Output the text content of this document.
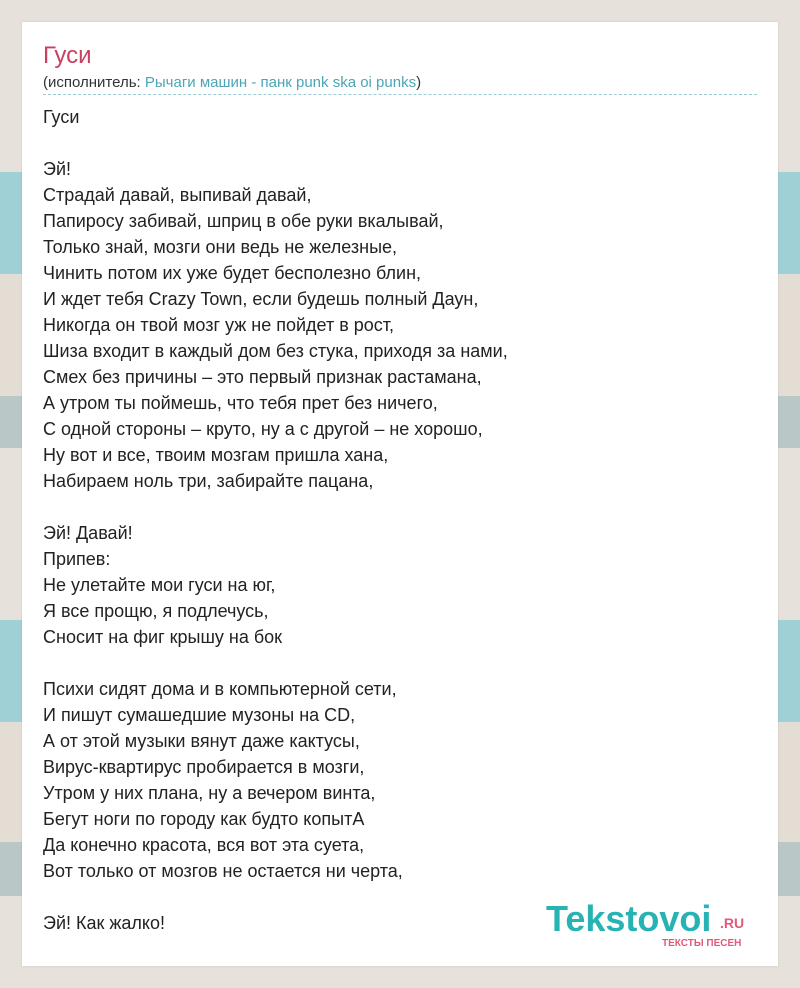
Гуси
(исполнитель: Рычаги машин - панк punk ska oi punks)
Гуси
Эй!
Страдай давай, выпивай давай,
Папиросу забивай, шприц в обе руки вкалывай,
Только знай, мозги они ведь не железные,
Чинить потом их уже будет бесполезно блин,
И ждет тебя Crazy Town, если будешь полный Даун,
Никогда он твой мозг уж не пойдет в рост,
Шиза входит в каждый дом без стука, приходя за нами,
Смех без причины – это первый признак растамана,
А утром ты поймешь, что тебя прет без ничего,
С одной стороны – круто, ну а с другой – не хорошо,
Ну вот и все, твоим мозгам пришла хана,
Набираем ноль три, забирайте пацана,
Эй! Давай!
Припев:
Не улетайте мои гуси на юг,
Я все прощю, я подлечусь,
Сносит на фиг крышу на бок
Психи сидят дома и в компьютерной сети,
И пишут сумашедшие музоны на CD,
А от этой музыки вянут даже кактусы,
Вирус-квартирус пробирается в мозги,
Утром у них плана, ну а вечером винта,
Бегут ноги по городу как будто копытА
Да конечно красота, вся вот эта суета,
Вот только от мозгов не остается ни черта,
Эй! Как жалко!	Tekstovoi .RU
ТЕКСТЫ ПЕСЕН
